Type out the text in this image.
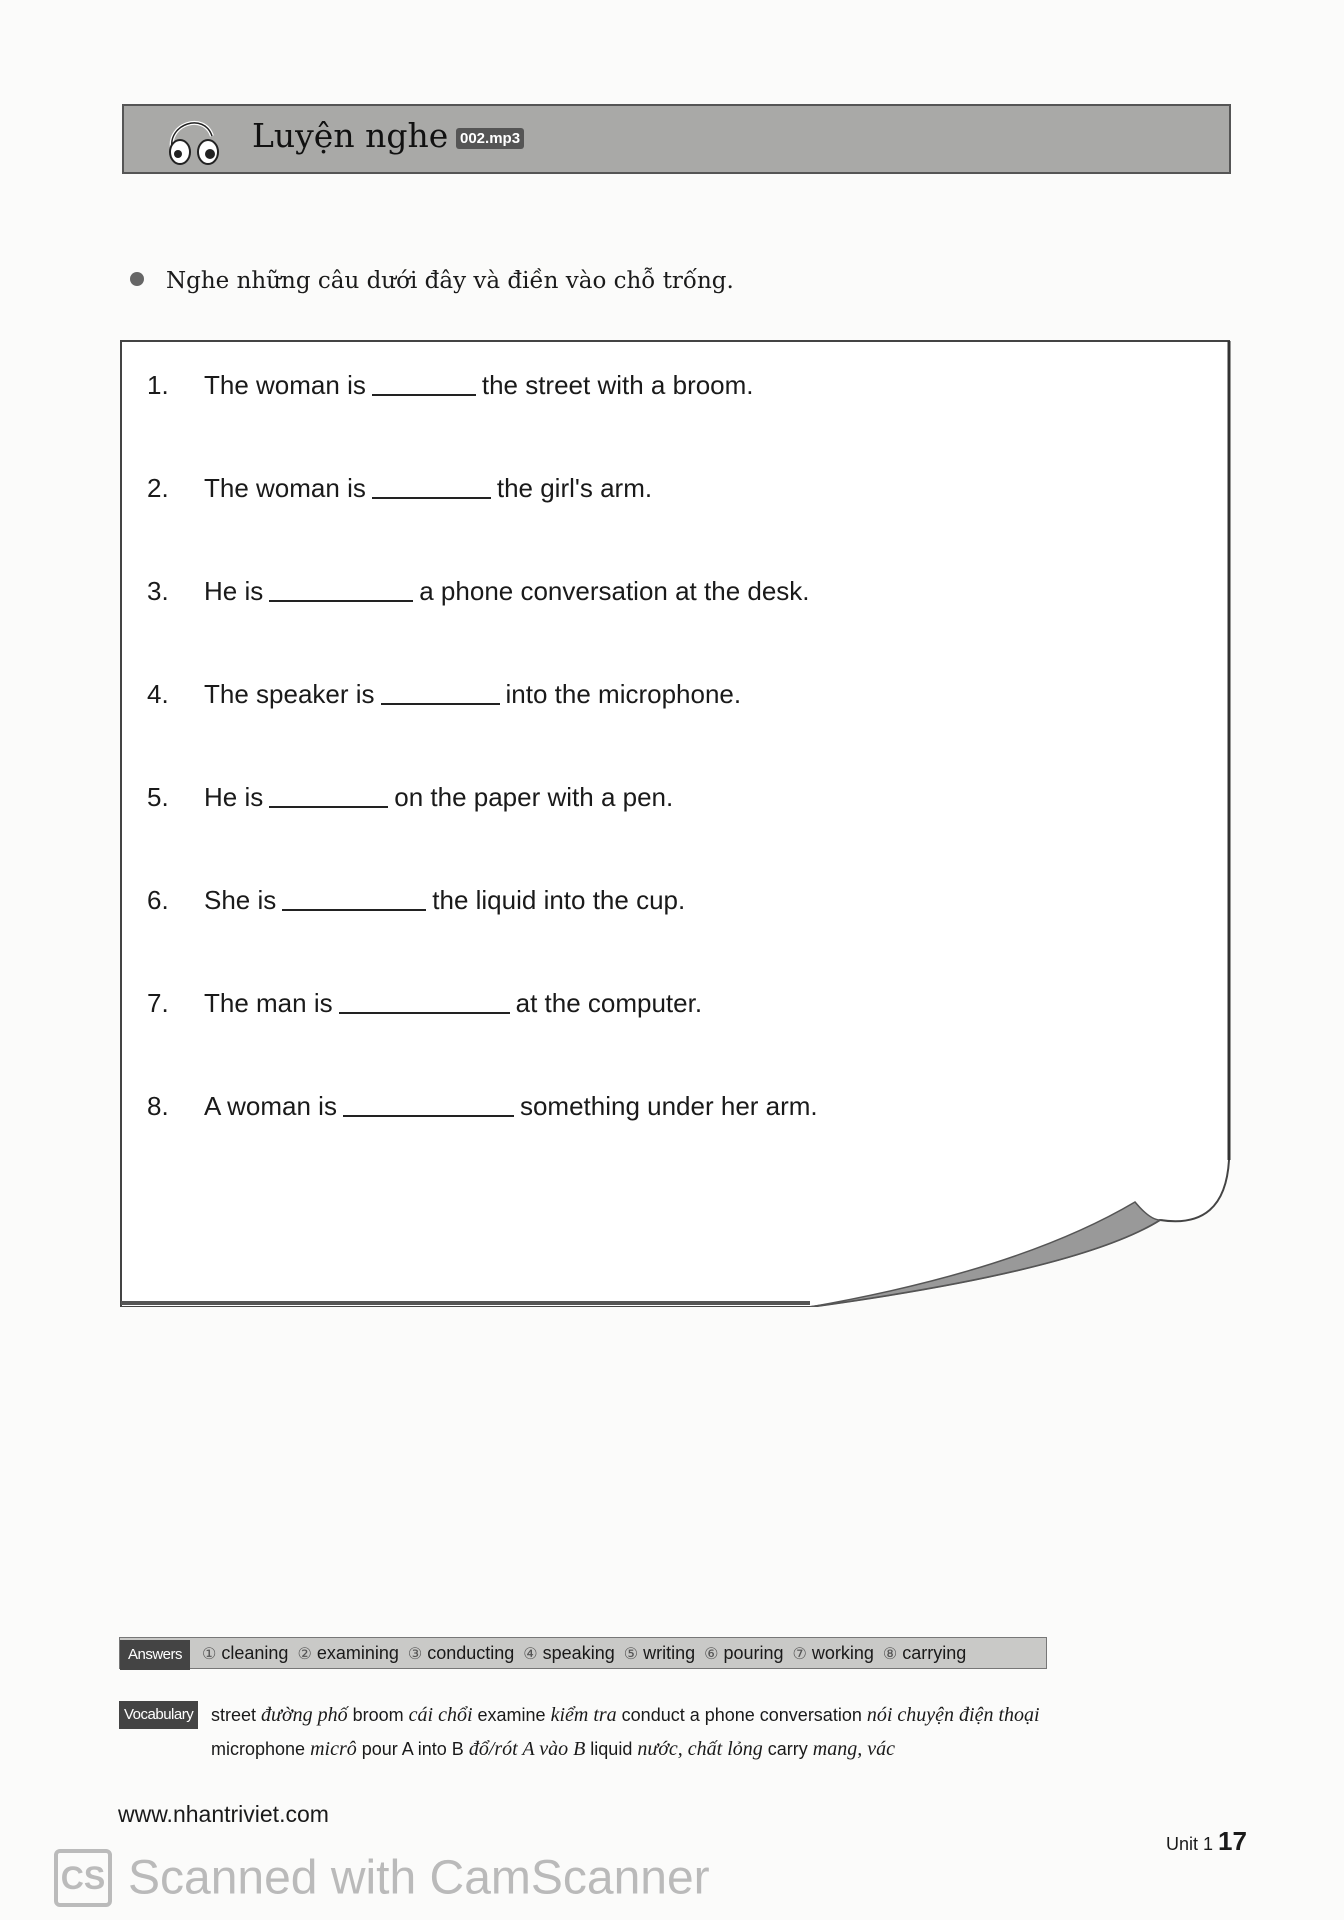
Luyện nghe 002.mp3
Nghe những câu dưới đây và điền vào chỗ trống.
1. The woman is	the street with a broom.
2. The woman is	the girl's arm.
3. He is	a phone conversation at the desk.
4. The speaker is	into the microphone.
5. He is	on the paper with a pen.
6. She is	the liquid into the cup.
7. The man is	at the computer.
8. A woman is	something under her arm.
Answers ① cleaning ② examining ③ conducting ④ speaking ⑤ writing ⑥ pouring ⑦ working ⑧ carrying
Vocabulary street đường phố broom cái chổi examine kiểm tra conduct a phone conversation nói chuyện điện thoại
microphone micrô pour A into B đổ/rót A vào B liquid nước, chất lỏng carry mang, vác
www.nhantriviet.com
CS Scanned with CamScanner
Unit 1 17
